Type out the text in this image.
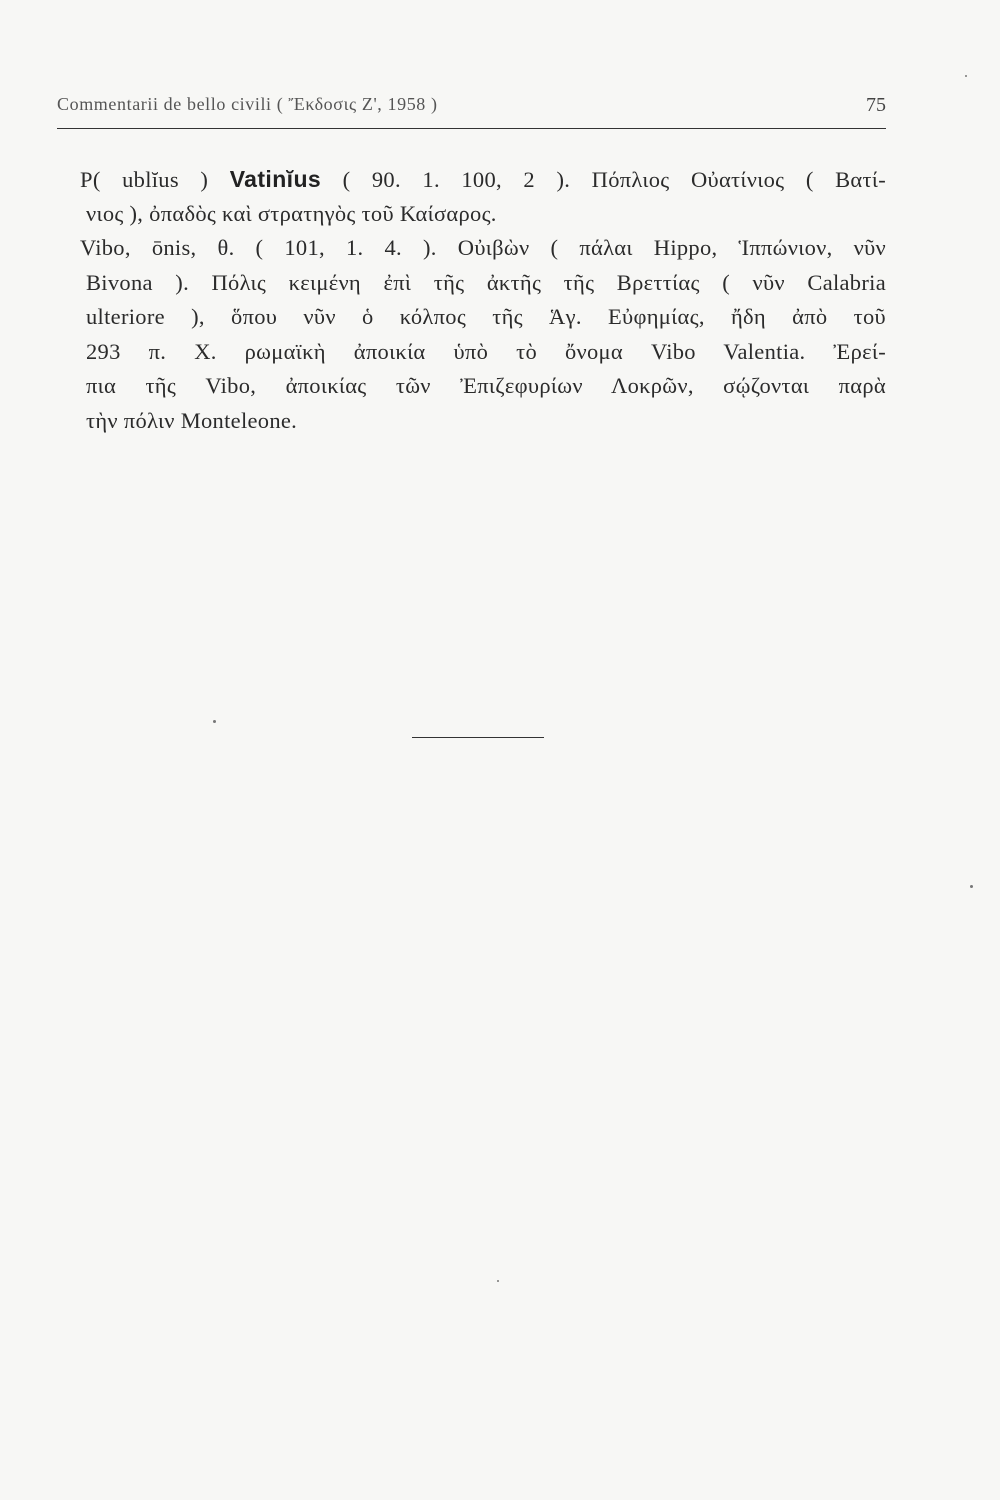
Commentarii de bello civili ( Ἔκδοσις Ζ', 1958 )	75
P( ublĭus ) Vatinĭus ( 90. 1. 100, 2 ). Πόπλιος Οὐατίνιος ( Βατί-
νιος ), ὀπαδὸς καὶ στρατηγὸς τοῦ Καίσαρος.
Vibo, ōnis, θ. ( 101, 1. 4. ). Οὐιβὼν ( πάλαι Hippo, Ἱππώνιον, νῦν
Bivona ). Πόλις κειμένη ἐπὶ τῆς ἀκτῆς τῆς Βρεττίας ( νῦν Calabria
ulteriore ), ὅπου νῦν ὁ κόλπος τῆς Ἁγ. Εὐφημίας, ἤδη ἀπὸ τοῦ
293 π. Χ. ρωμαϊκὴ ἀποικία ὑπὸ τὸ ὄνομα Vibo Valentia. Ἐρεί-
πια τῆς Vibo, ἀποικίας τῶν Ἐπιζεφυρίων Λοκρῶν, σῴζονται παρὰ
τὴν πόλιν Monteleone.
